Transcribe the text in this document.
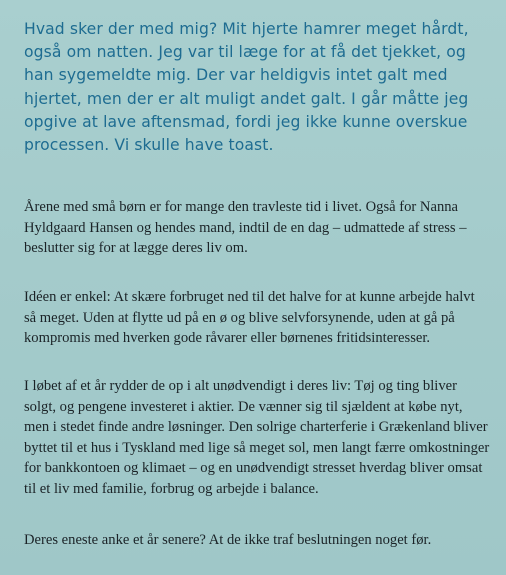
Hvad sker der med mig? Mit hjerte hamrer meget hårdt, også om natten. Jeg var til læge for at få det tjekket, og han sygemeldte mig. Der var heldigvis intet galt med hjertet, men der er alt muligt andet galt. I går måtte jeg opgive at lave aftensmad, fordi jeg ikke kunne overskue processen. Vi skulle have toast.

Årene med små børn er for mange den travleste tid i livet. Også for Nanna Hyldgaard Hansen og hendes mand, indtil de en dag – udmattede af stress – beslutter sig for at lægge deres liv om.

Idéen er enkel: At skære forbruget ned til det halve for at kunne arbejde halvt så meget. Uden at flytte ud på en ø og blive selvforsynende, uden at gå på kompromis med hverken gode råvarer eller børnenes fritidsinteresser.

I løbet af et år rydder de op i alt unødvendigt i deres liv: Tøj og ting bliver solgt, og pengene investeret i aktier. De vænner sig til sjældent at købe nyt, men i stedet finde andre løsninger. Den solrige charterferie i Grækenland bliver byttet til et hus i Tyskland med lige så meget sol, men langt færre omkostninger for bankkontoen og klimaet – og en unødvendigt stresset hverdag bliver omsat til et liv med familie, forbrug og arbejde i balance.

Deres eneste anke et år senere? At de ikke traf beslutningen noget før.
